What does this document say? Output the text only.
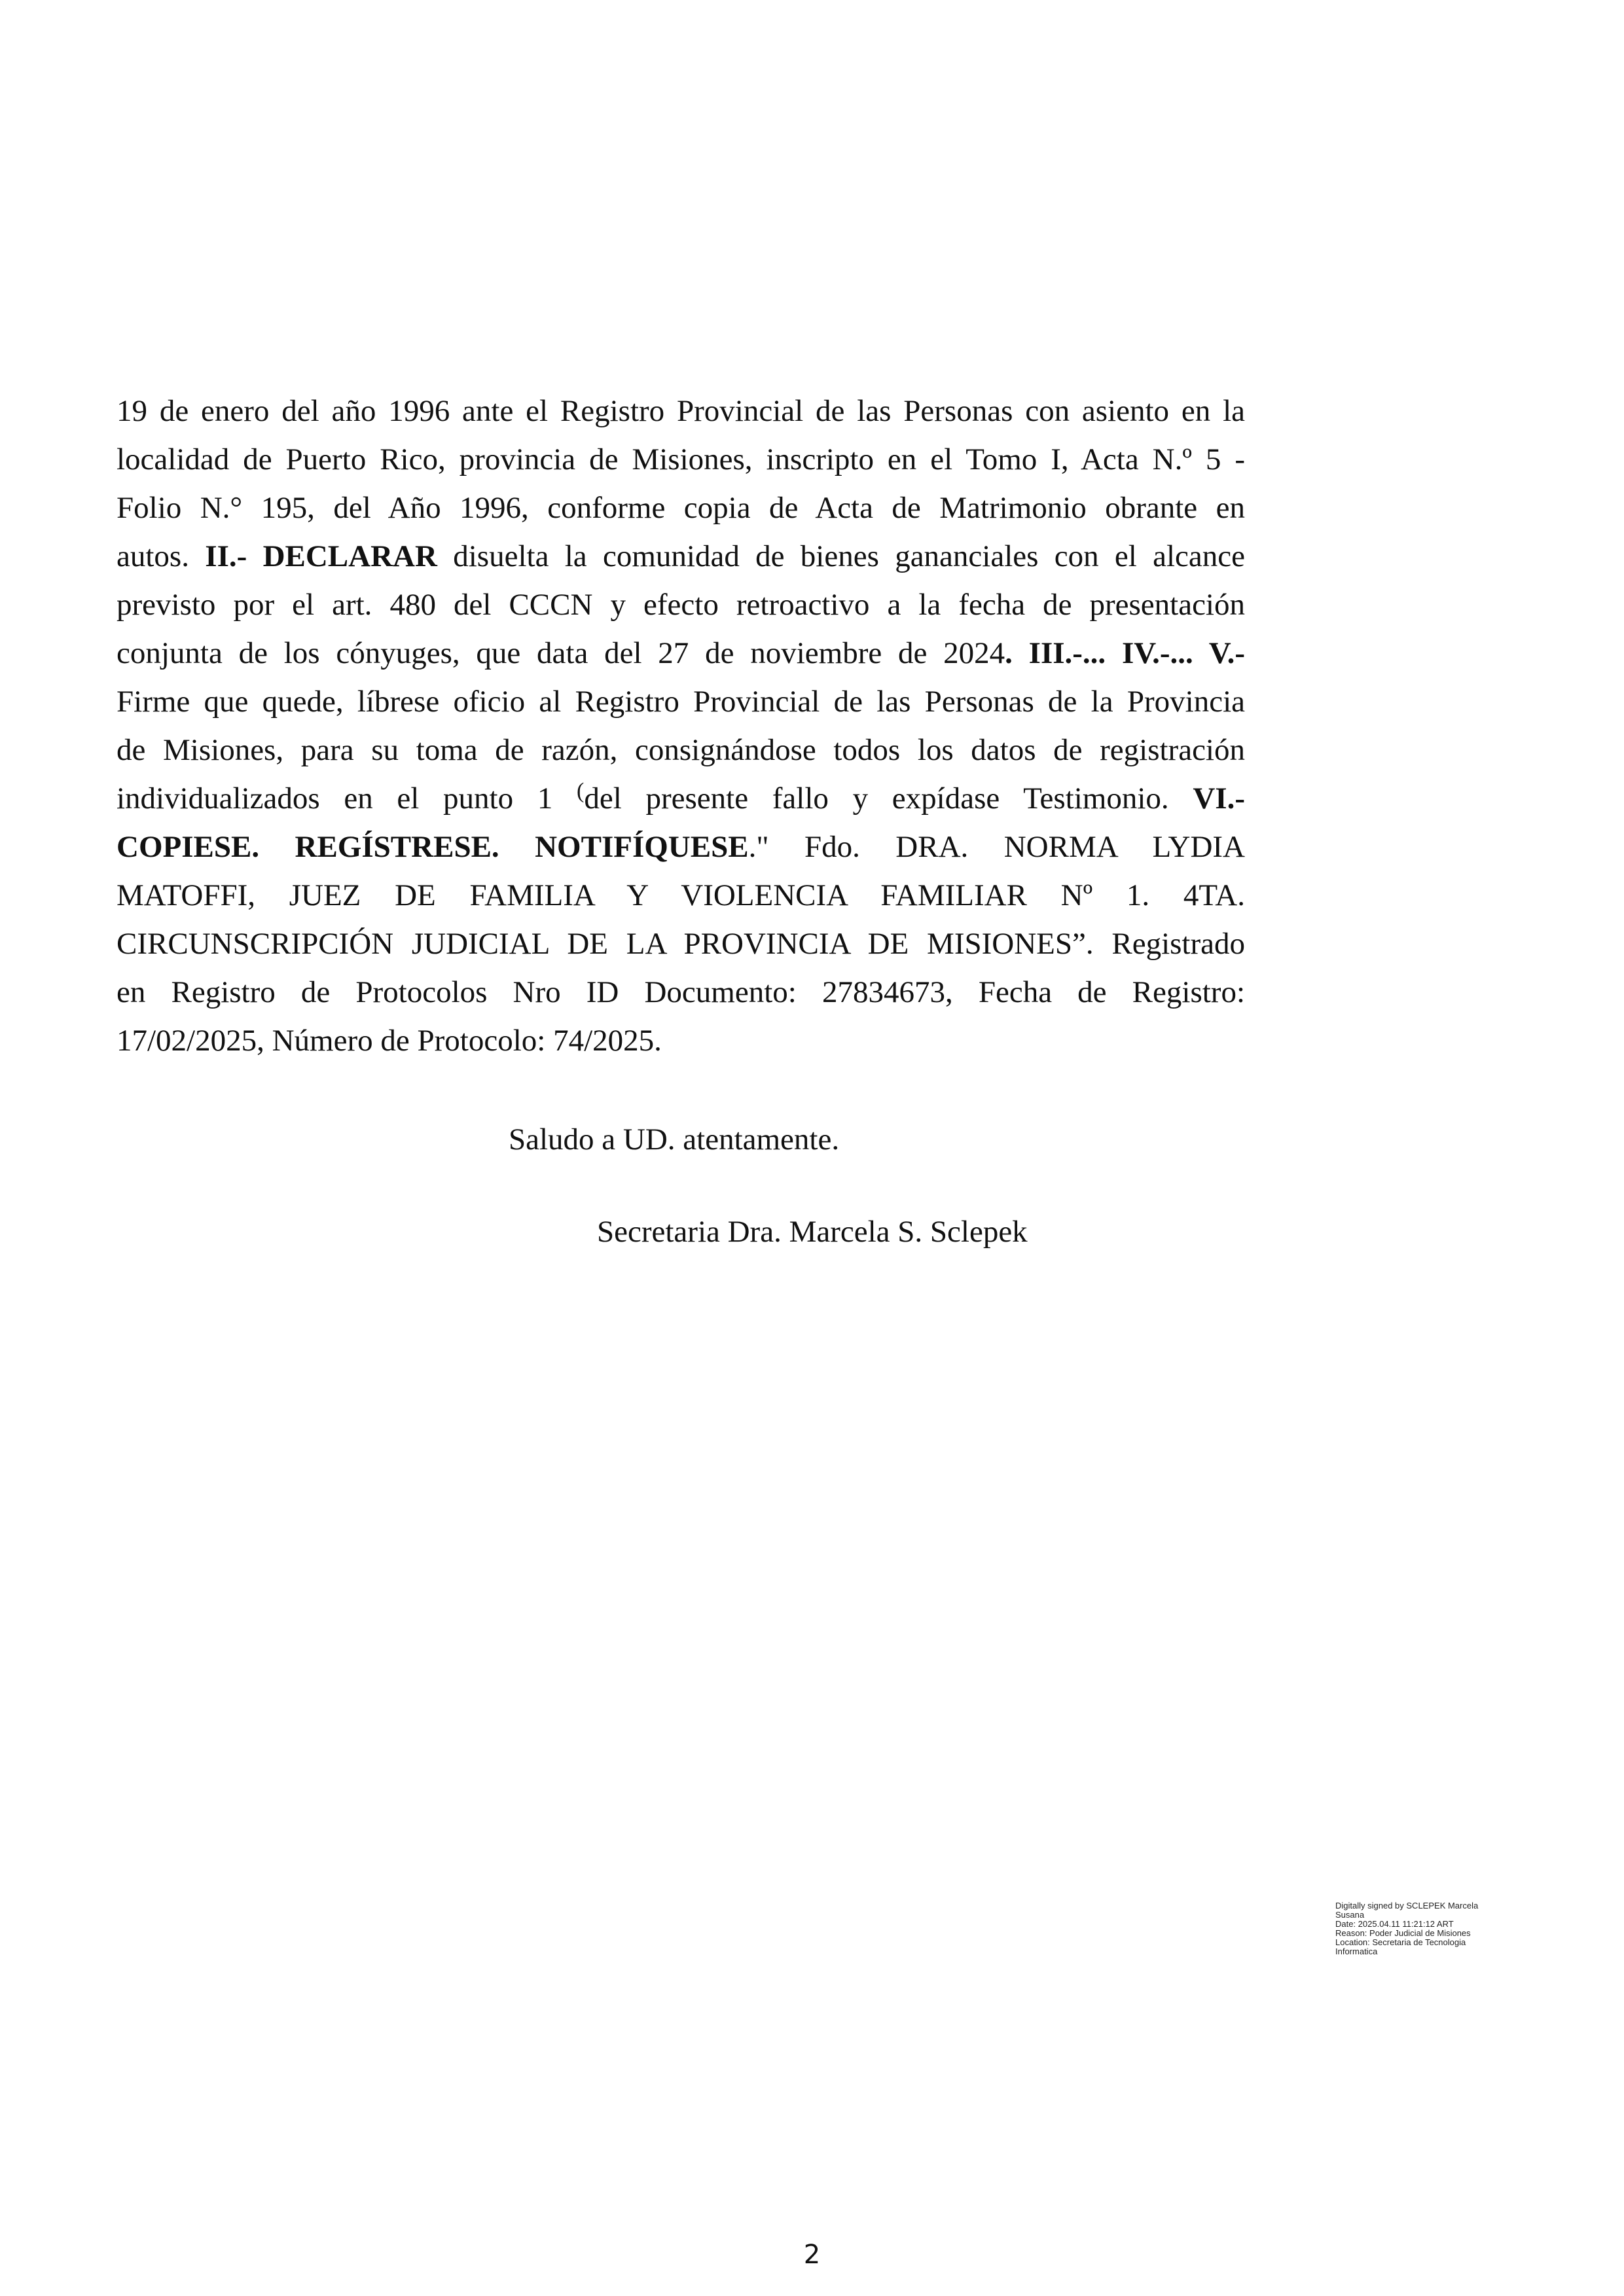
19 de enero del año 1996 ante el Registro Provincial de las Personas con asiento en la
localidad de Puerto Rico, provincia de Misiones, inscripto en el Tomo I, Acta N.º 5 -
Folio N.° 195, del Año 1996, conforme copia de Acta de Matrimonio obrante en
autos. II.- DECLARAR disuelta la comunidad de bienes gananciales con el alcance
previsto por el art. 480 del CCCN y efecto retroactivo a la fecha de presentación
conjunta de los cónyuges, que data del 27 de noviembre de 2024. III.-... IV.-... V.-
Firme que quede, líbrese oficio al Registro Provincial de las Personas de la Provincia
de Misiones, para su toma de razón, consignándose todos los datos de registración
individualizados en el punto 1 (del presente fallo y expídase Testimonio. VI.-
COPIESE. REGÍSTRESE. NOTIFÍQUESE." Fdo. DRA. NORMA LYDIA
MATOFFI, JUEZ DE FAMILIA Y VIOLENCIA FAMILIAR Nº 1. 4TA.
CIRCUNSCRIPCIÓN JUDICIAL DE LA PROVINCIA DE MISIONES”. Registrado
en Registro de Protocolos Nro ID Documento: 27834673, Fecha de Registro:
17/02/2025, Número de Protocolo: 74/2025.
Saludo a UD. atentamente.
Secretaria Dra. Marcela S. Sclepek
Digitally signed by SCLEPEK Marcela
Susana
Date: 2025.04.11 11:21:12 ART
Reason: Poder Judicial de Misiones
Location: Secretaria de Tecnologia
Informatica
2
